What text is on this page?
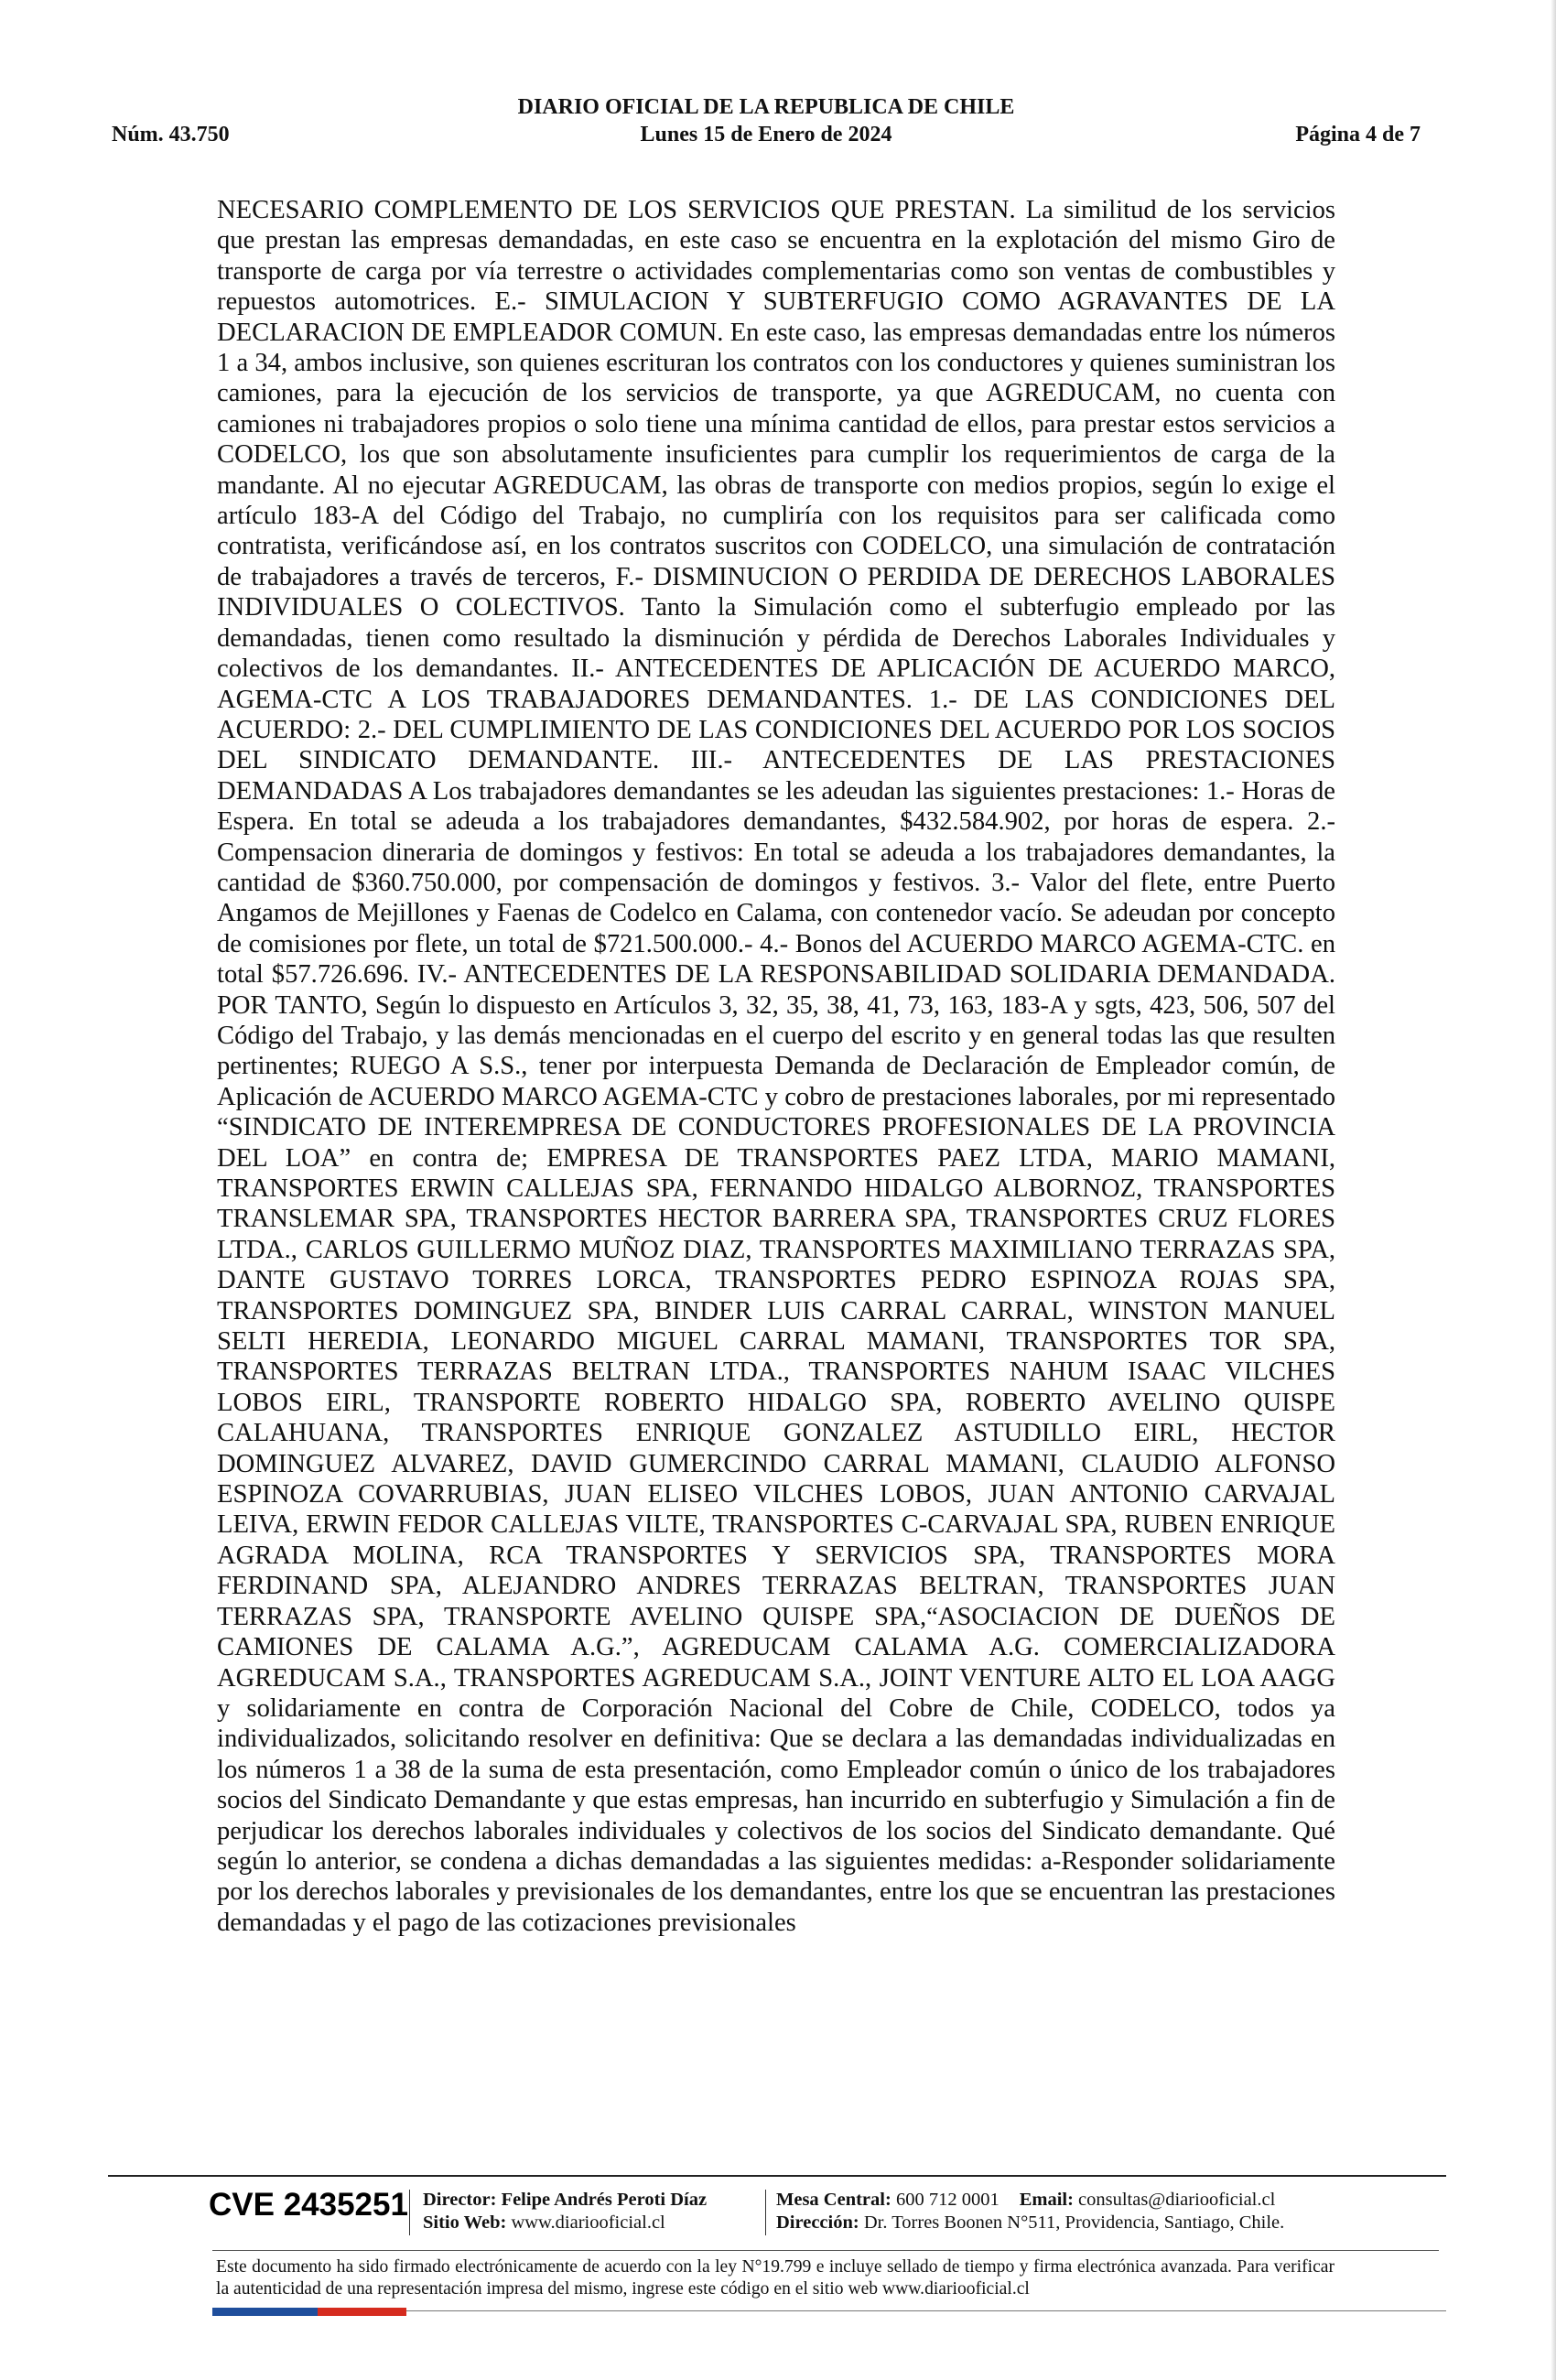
DIARIO OFICIAL DE LA REPUBLICA DE CHILE
Núm. 43.750	Lunes 15 de Enero de 2024	Página 4 de 7

NECESARIO COMPLEMENTO DE LOS SERVICIOS QUE PRESTAN. La similitud de los servicios que prestan las empresas demandadas, en este caso se encuentra en la explotación del mismo Giro de transporte de carga por vía terrestre o actividades complementarias como son ventas de combustibles y repuestos automotrices. E.- SIMULACION Y SUBTERFUGIO COMO AGRAVANTES DE LA DECLARACION DE EMPLEADOR COMUN. En este caso, las empresas demandadas entre los números 1 a 34, ambos inclusive, son quienes escrituran los contratos con los conductores y quienes suministran los camiones, para la ejecución de los servicios de transporte, ya que AGREDUCAM, no cuenta con camiones ni trabajadores propios o solo tiene una mínima cantidad de ellos, para prestar estos servicios a CODELCO, los que son absolutamente insuficientes para cumplir los requerimientos de carga de la mandante. Al no ejecutar AGREDUCAM, las obras de transporte con medios propios, según lo exige el artículo 183-A del Código del Trabajo, no cumpliría con los requisitos para ser calificada como contratista, verificándose así, en los contratos suscritos con CODELCO, una simulación de contratación de trabajadores a través de terceros, F.- DISMINUCION O PERDIDA DE DERECHOS LABORALES INDIVIDUALES O COLECTIVOS. Tanto la Simulación como el subterfugio empleado por las demandadas, tienen como resultado la disminución y pérdida de Derechos Laborales Individuales y colectivos de los demandantes. II.- ANTECEDENTES DE APLICACIÓN DE ACUERDO MARCO, AGEMA-CTC A LOS TRABAJADORES DEMANDANTES. 1.- DE LAS CONDICIONES DEL ACUERDO: 2.- DEL CUMPLIMIENTO DE LAS CONDICIONES DEL ACUERDO POR LOS SOCIOS DEL SINDICATO DEMANDANTE. III.- ANTECEDENTES DE LAS PRESTACIONES DEMANDADAS A Los trabajadores demandantes se les adeudan las siguientes prestaciones: 1.- Horas de Espera. En total se adeuda a los trabajadores demandantes, $432.584.902, por horas de espera. 2.- Compensacion dineraria de domingos y festivos: En total se adeuda a los trabajadores demandantes, la cantidad de $360.750.000, por compensación de domingos y festivos. 3.- Valor del flete, entre Puerto Angamos de Mejillones y Faenas de Codelco en Calama, con contenedor vacío. Se adeudan por concepto de comisiones por flete, un total de $721.500.000.- 4.- Bonos del ACUERDO MARCO AGEMA-CTC. en total $57.726.696. IV.- ANTECEDENTES DE LA RESPONSABILIDAD SOLIDARIA DEMANDADA. POR TANTO, Según lo dispuesto en Artículos 3, 32, 35, 38, 41, 73, 163, 183-A y sgts, 423, 506, 507 del Código del Trabajo, y las demás mencionadas en el cuerpo del escrito y en general todas las que resulten pertinentes; RUEGO A S.S., tener por interpuesta Demanda de Declaración de Empleador común, de Aplicación de ACUERDO MARCO AGEMA-CTC y cobro de prestaciones laborales, por mi representado “SINDICATO DE INTEREMPRESA DE CONDUCTORES PROFESIONALES DE LA PROVINCIA DEL LOA” en contra de; EMPRESA DE TRANSPORTES PAEZ LTDA, MARIO MAMANI, TRANSPORTES ERWIN CALLEJAS SPA, FERNANDO HIDALGO ALBORNOZ, TRANSPORTES TRANSLEMAR SPA, TRANSPORTES HECTOR BARRERA SPA, TRANSPORTES CRUZ FLORES LTDA., CARLOS GUILLERMO MUÑOZ DIAZ, TRANSPORTES MAXIMILIANO TERRAZAS SPA, DANTE GUSTAVO TORRES LORCA, TRANSPORTES PEDRO ESPINOZA ROJAS SPA, TRANSPORTES DOMINGUEZ SPA, BINDER LUIS CARRAL CARRAL, WINSTON MANUEL SELTI HEREDIA, LEONARDO MIGUEL CARRAL MAMANI, TRANSPORTES TOR SPA, TRANSPORTES TERRAZAS BELTRAN LTDA., TRANSPORTES NAHUM ISAAC VILCHES LOBOS EIRL, TRANSPORTE ROBERTO HIDALGO SPA, ROBERTO AVELINO QUISPE CALAHUANA, TRANSPORTES ENRIQUE GONZALEZ ASTUDILLO EIRL, HECTOR DOMINGUEZ ALVAREZ, DAVID GUMERCINDO CARRAL MAMANI, CLAUDIO ALFONSO ESPINOZA COVARRUBIAS, JUAN ELISEO VILCHES LOBOS, JUAN ANTONIO CARVAJAL LEIVA, ERWIN FEDOR CALLEJAS VILTE, TRANSPORTES C-CARVAJAL SPA, RUBEN ENRIQUE AGRADA MOLINA, RCA TRANSPORTES Y SERVICIOS SPA, TRANSPORTES MORA FERDINAND SPA, ALEJANDRO ANDRES TERRAZAS BELTRAN, TRANSPORTES JUAN TERRAZAS SPA, TRANSPORTE AVELINO QUISPE SPA,“ASOCIACION DE DUEÑOS DE CAMIONES DE CALAMA A.G.”, AGREDUCAM CALAMA A.G. COMERCIALIZADORA AGREDUCAM S.A., TRANSPORTES AGREDUCAM S.A., JOINT VENTURE ALTO EL LOA AAGG y solidariamente en contra de Corporación Nacional del Cobre de Chile, CODELCO, todos ya individualizados, solicitando resolver en definitiva: Que se declara a las demandadas individualizadas en los números 1 a 38 de la suma de esta presentación, como Empleador común o único de los trabajadores socios del Sindicato Demandante y que estas empresas, han incurrido en subterfugio y Simulación a fin de perjudicar los derechos laborales individuales y colectivos de los socios del Sindicato demandante. Qué según lo anterior, se condena a dichas demandadas a las siguientes medidas: a-Responder solidariamente por los derechos laborales y previsionales de los demandantes, entre los que se encuentran las prestaciones demandadas y el pago de las cotizaciones previsionales

CVE 2435251 Director: Felipe Andrés Peroti Díaz
Sitio Web: www.diariooficial.cl
Mesa Central: 600 712 0001 Email: consultas@diariooficial.cl
Dirección: Dr. Torres Boonen N°511, Providencia, Santiago, Chile.

Este documento ha sido firmado electrónicamente de acuerdo con la ley N°19.799 e incluye sellado de tiempo y firma electrónica avanzada. Para verificar la autenticidad de una representación impresa del mismo, ingrese este código en el sitio web www.diariooficial.cl
